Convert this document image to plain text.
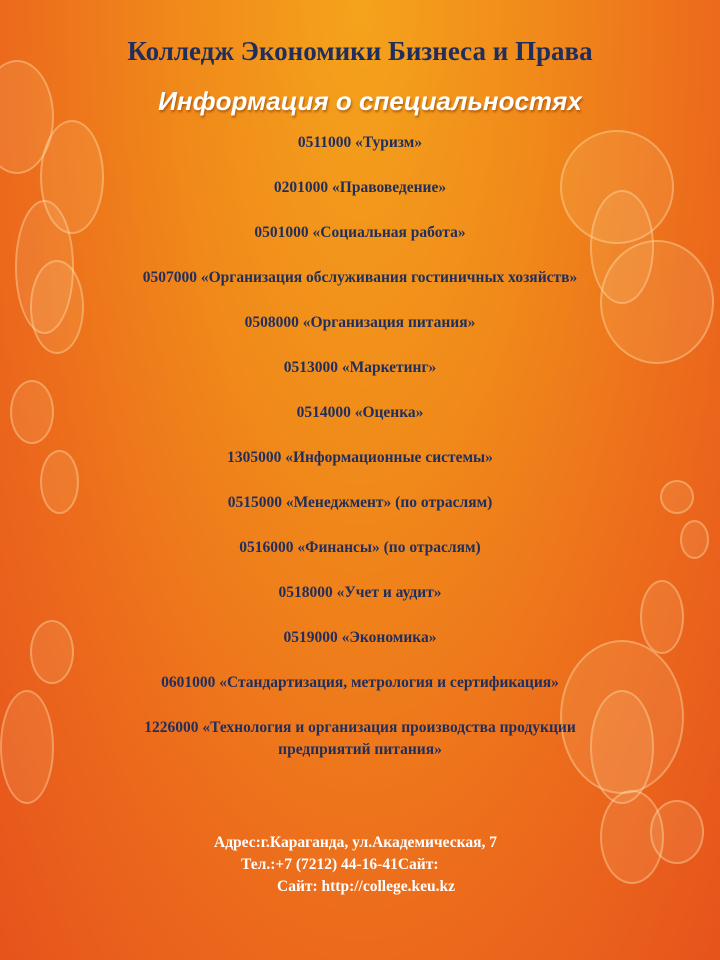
Колледж Экономики Бизнеса и Права
Информация о специальностях
0511000 «Туризм»
0201000 «Правоведение»
0501000 «Социальная работа»
0507000 «Организация обслуживания гостиничных хозяйств»
0508000 «Организация питания»
0513000 «Маркетинг»
0514000 «Оценка»
1305000 «Информационные системы»
0515000 «Менеджмент» (по отраслям)
0516000 «Финансы» (по отраслям)
0518000 «Учет и аудит»
0519000 «Экономика»
0601000 «Стандартизация, метрология и сертификация»
1226000 «Технология и организация производства продукции предприятий питания»
Адрес:г.Караганда, ул.Академическая, 7
Тел.:+7 (7212) 44-16-41Сайт:
Сайт: http://college.keu.kz
